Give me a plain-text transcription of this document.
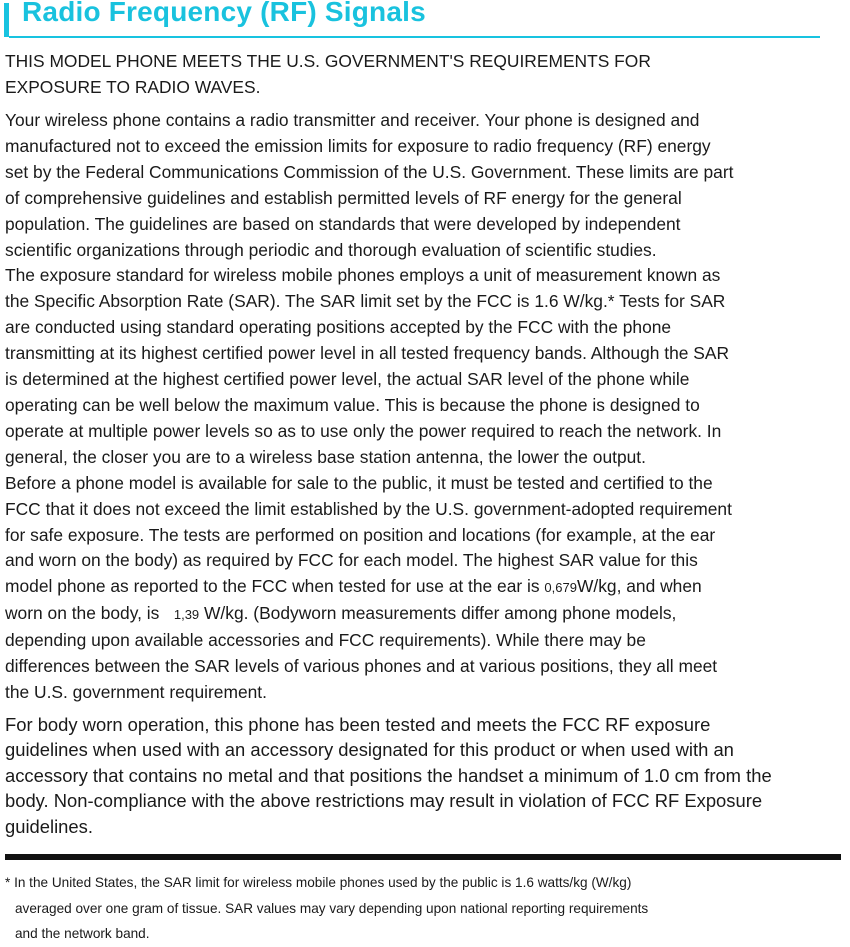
Radio Frequency (RF) Signals

THIS MODEL PHONE MEETS THE U.S. GOVERNMENT'S REQUIREMENTS FOR
EXPOSURE TO RADIO WAVES.

Your wireless phone contains a radio transmitter and receiver. Your phone is designed and
manufactured not to exceed the emission limits for exposure to radio frequency (RF) energy
set by the Federal Communications Commission of the U.S. Government. These limits are part
of comprehensive guidelines and establish permitted levels of RF energy for the general
population. The guidelines are based on standards that were developed by independent
scientific organizations through periodic and thorough evaluation of scientific studies.
The exposure standard for wireless mobile phones employs a unit of measurement known as
the Specific Absorption Rate (SAR). The SAR limit set by the FCC is 1.6 W/kg.* Tests for SAR
are conducted using standard operating positions accepted by the FCC with the phone
transmitting at its highest certified power level in all tested frequency bands. Although the SAR
is determined at the highest certified power level, the actual SAR level of the phone while
operating can be well below the maximum value. This is because the phone is designed to
operate at multiple power levels so as to use only the power required to reach the network. In
general, the closer you are to a wireless base station antenna, the lower the output.
Before a phone model is available for sale to the public, it must be tested and certified to the
FCC that it does not exceed the limit established by the U.S. government-adopted requirement
for safe exposure. The tests are performed on position and locations (for example, at the ear
and worn on the body) as required by FCC for each model. The highest SAR value for this
model phone as reported to the FCC when tested for use at the ear is 0,679W/kg, and when
worn on the body, is   1,39 W/kg. (Bodyworn measurements differ among phone models,
depending upon available accessories and FCC requirements). While there may be
differences between the SAR levels of various phones and at various positions, they all meet
the U.S. government requirement.

For body worn operation, this phone has been tested and meets the FCC RF exposure
guidelines when used with an accessory designated for this product or when used with an
accessory that contains no metal and that positions the handset a minimum of 1.0 cm from the
body. Non-compliance with the above restrictions may result in violation of FCC RF Exposure
guidelines.

* In the United States, the SAR limit for wireless mobile phones used by the public is 1.6 watts/kg (W/kg)
averaged over one gram of tissue. SAR values may vary depending upon national reporting requirements
and the network band.
